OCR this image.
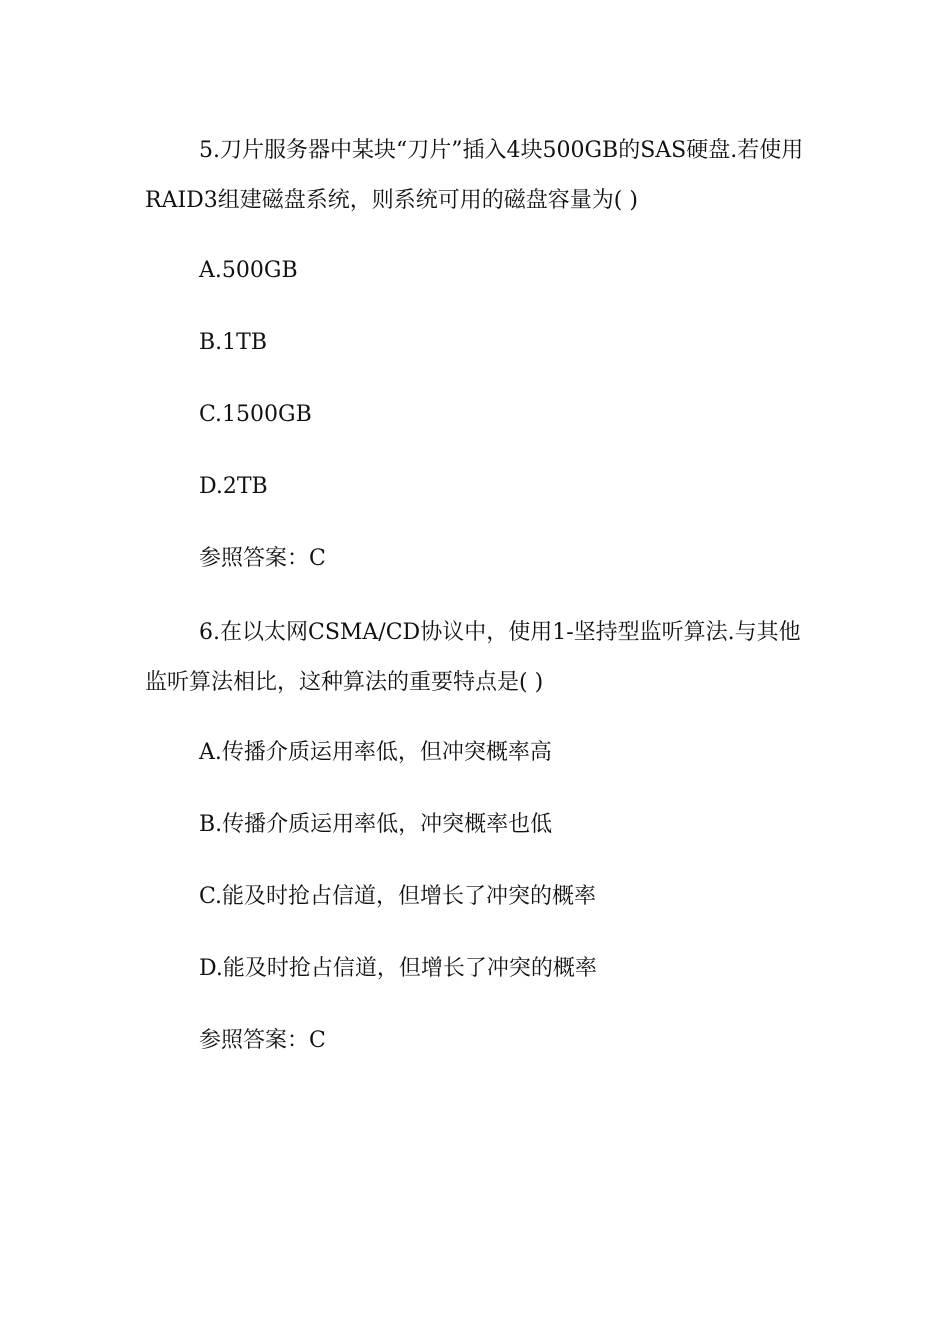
5.刀片服务器中某块“刀片”插入4块500GB的SAS硬盘.若使用RAID3组建磁盘系统，则系统可用的磁盘容量为( )

A.500GB

B.1TB

C.1500GB

D.2TB

参照答案：C

6.在以太网CSMA/CD协议中，使用1-坚持型监听算法.与其他监听算法相比，这种算法的重要特点是( )

A.传播介质运用率低，但冲突概率高

B.传播介质运用率低，冲突概率也低

C.能及时抢占信道，但增长了冲突的概率

D.能及时抢占信道，但增长了冲突的概率

参照答案：C
